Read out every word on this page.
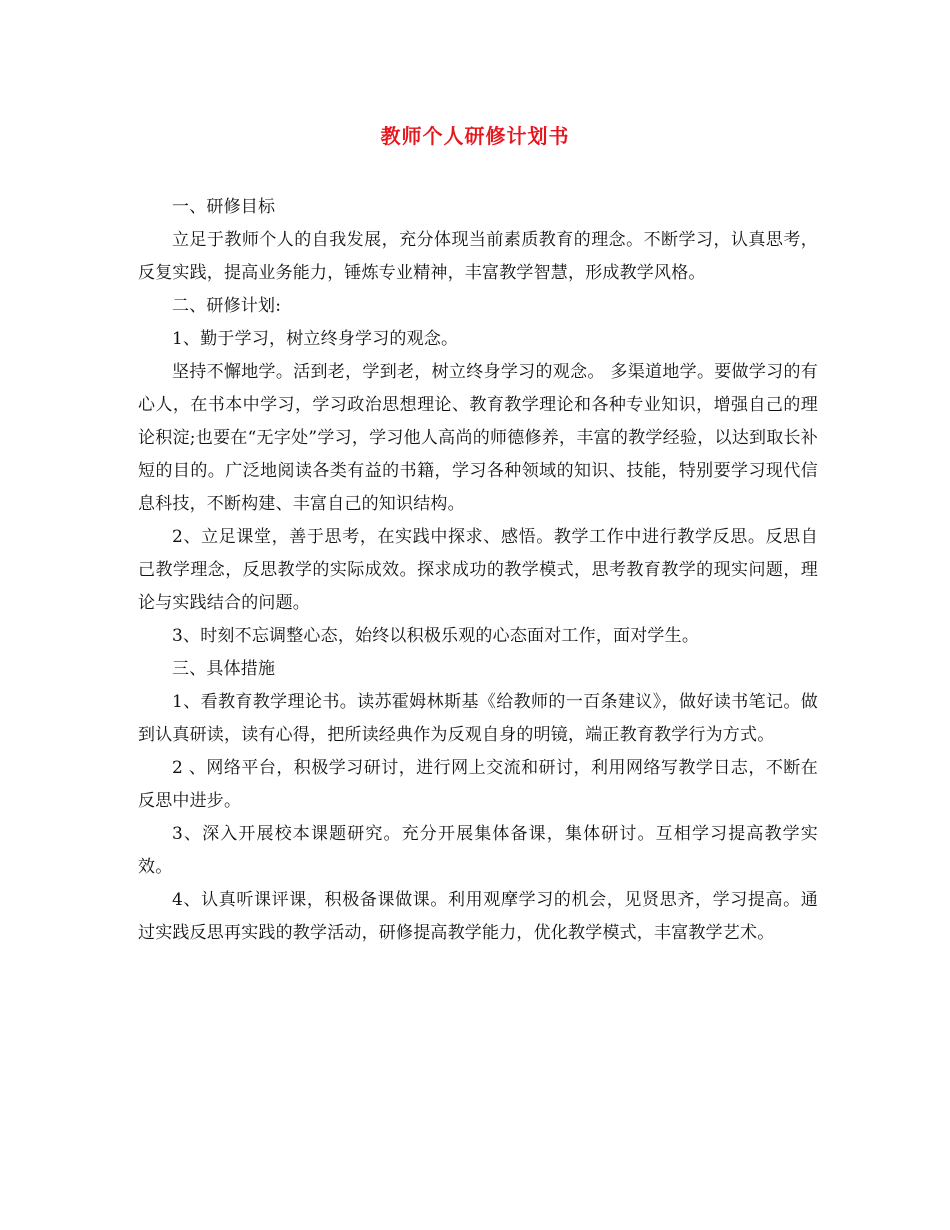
教师个人研修计划书

一、研修目标

立足于教师个人的自我发展，充分体现当前素质教育的理念。不断学习，认真思考，反复实践，提高业务能力，锤炼专业精神，丰富教学智慧，形成教学风格。

二、研修计划:

1、勤于学习，树立终身学习的观念。

坚持不懈地学。活到老，学到老，树立终身学习的观念。 多渠道地学。要做学习的有心人，在书本中学习，学习政治思想理论、教育教学理论和各种专业知识，增强自己的理论积淀;也要在“无字处”学习，学习他人高尚的师德修养，丰富的教学经验，以达到取长补短的目的。广泛地阅读各类有益的书籍，学习各种领域的知识、技能，特别要学习现代信息科技，不断构建、丰富自己的知识结构。

2、立足课堂，善于思考，在实践中探求、感悟。教学工作中进行教学反思。反思自己教学理念，反思教学的实际成效。探求成功的教学模式，思考教育教学的现实问题，理论与实践结合的问题。

3、时刻不忘调整心态，始终以积极乐观的心态面对工作，面对学生。

三、具体措施

1、看教育教学理论书。读苏霍姆林斯基《给教师的一百条建议》，做好读书笔记。做到认真研读，读有心得，把所读经典作为反观自身的明镜，端正教育教学行为方式。

2 、网络平台，积极学习研讨，进行网上交流和研讨，利用网络写教学日志，不断在反思中进步。

3、深入开展校本课题研究。充分开展集体备课，集体研讨。互相学习提高教学实效。

4、认真听课评课，积极备课做课。利用观摩学习的机会，见贤思齐，学习提高。通过实践反思再实践的教学活动，研修提高教学能力，优化教学模式，丰富教学艺术。
